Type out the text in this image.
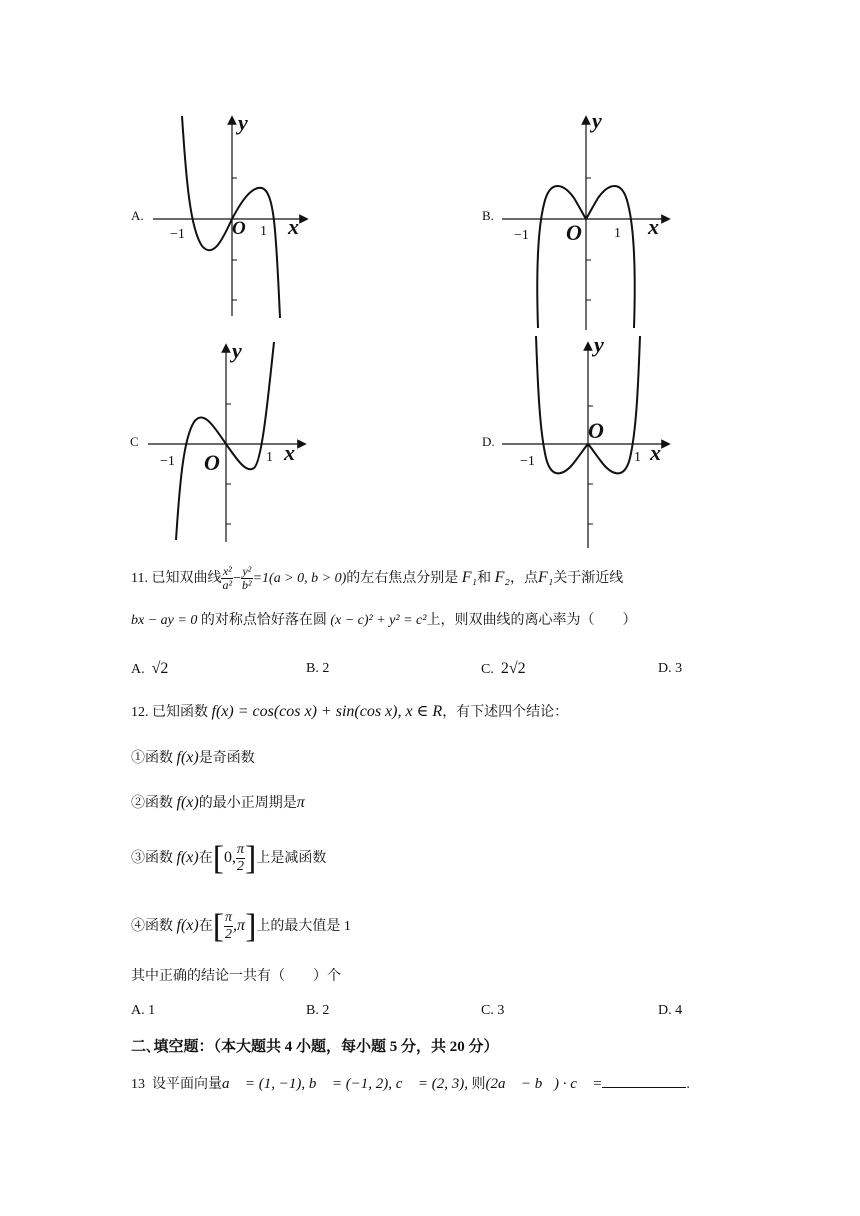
A.
−1	1
O x
y
B.
−1	1
O	x
y
C
−1	1
O	x
y
D.
−1	1
O
x
y
11. 已知双曲线 $\frac{\text{x²}}{\text{a²}} - \frac{\text{y²}}{\text{b²}} =1(a > 0$, b > 0)的左右焦点分别是 F₁和 F₂，点F₁关于渐近线
bx − ay = 0 的对称点恰好落在圆 (x − c)² + y² = c²上，则双曲线的离心率为（　　）
A. √2	B. 2	C. 2√2	D. 3
12. 已知函数 f(x) = cos(cos x) + sin(cos x), x ∈ R，有下述四个结论：
①函数 f(x)是奇函数
②函数 f(x)的最小正周期是π
③函数 f(x)在[0, $\frac{\pi}{2}$ ]上是减函数
④函数 f(x)在[ $\frac{\pi}{2} ,\pi$]上的最大值是 1
其中正确的结论一共有（　　）个
A. 1	B. 2	C. 3	D. 4
二､填空题：（本大题共 4 小题，每小题 5 分，共 20 分）
13 设平面向量a⃗ = (1, −1), b⃗ = (−1, 2), c⃗ = (2, 3), 则(2a⃗ − b⃗) · c⃗ =	.
